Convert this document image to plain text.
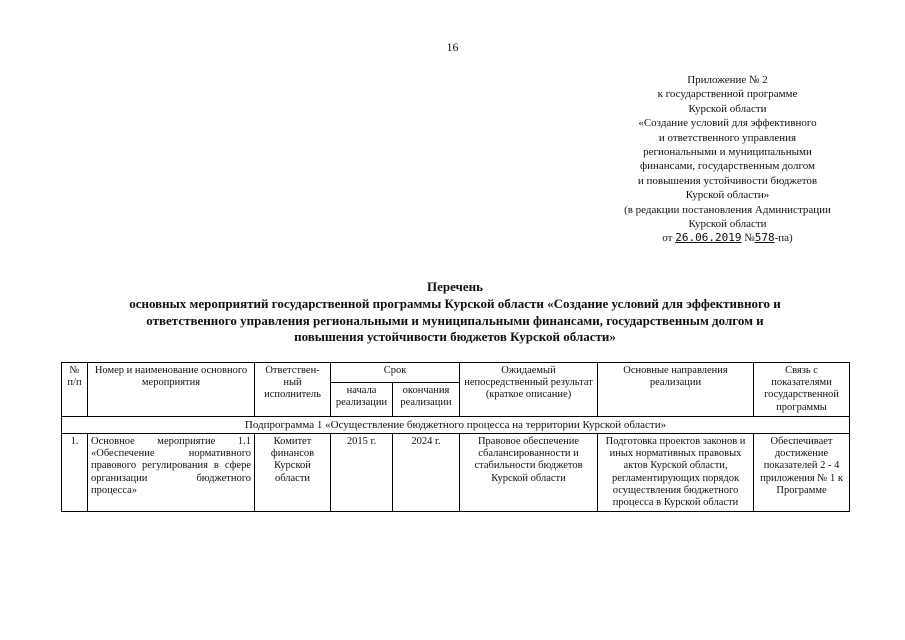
16
Приложение № 2
к государственной программе
Курской области
«Создание условий для эффективного
и ответственного управления
региональными и муниципальными
финансами, государственным долгом
и повышения устойчивости бюджетов
Курской области»
(в редакции постановления Администрации
Курской области
от 26.06.2019 №578-па)
Перечень
основных мероприятий государственной программы Курской области «Создание условий для эффективного и
ответственного управления региональными и муниципальными финансами, государственным долгом и
повышения устойчивости бюджетов Курской области»
№ п/п	Номер и наименование основного мероприятия	Ответствен-ный исполнитель	Срок		Ожидаемый непосредственный результат (краткое описание)	Основные направления реализации	Связь с показателями государственной программы
			начала реализации	окончания реализации			
Подпрограмма 1 «Осуществление бюджетного процесса на территории Курской области»							
1.	Основное мероприятие 1.1 «Обеспечение нормативного правового регулирования в сфере организации бюджетного процесса»	Комитет финансов Курской области	2015 г.	2024 г.	Правовое обеспечение сбалансированности и стабильности бюджетов Курской области	Подготовка проектов законов и иных нормативных правовых актов Курской области, регламентирующих порядок осуществления бюджетного процесса в Курской области	Обеспечивает достижение показателей 2 - 4 приложения № 1 к Программе
